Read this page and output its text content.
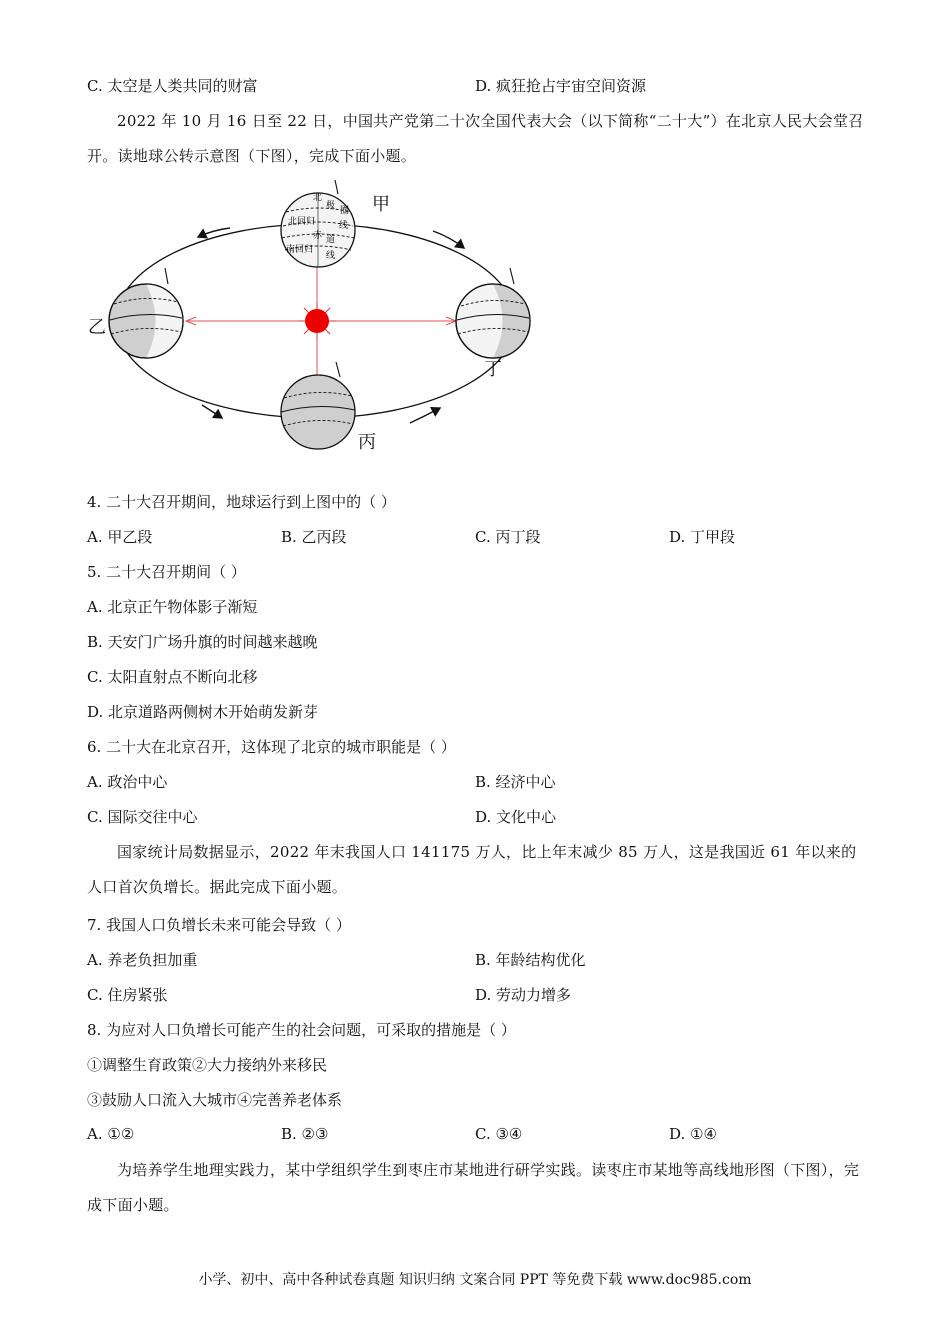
C. 太空是人类共同的财富	D. 疯狂抢占宇宙空间资源
2022 年 10 月 16 日至 22 日，中国共产党第二十次全国代表大会（以下简称“二十大”）在北京人民大会堂召开。读地球公转示意图（下图），完成下面小题。
北
极 圈
北回归	线
赤 道
南回归
线
甲
乙
丙
丁
4. 二十大召开期间，地球运行到上图中的（ ）
A. 甲乙段	B. 乙丙段	C. 丙丁段	D. 丁甲段
5. 二十大召开期间（ ）
A. 北京正午物体影子渐短
B. 天安门广场升旗的时间越来越晚
C. 太阳直射点不断向北移
D. 北京道路两侧树木开始萌发新芽
6. 二十大在北京召开，这体现了北京的城市职能是（ ）
A. 政治中心	B. 经济中心
C. 国际交往中心	D. 文化中心
国家统计局数据显示，2022 年末我国人口 141175 万人，比上年末减少 85 万人，这是我国近 61 年以来的人口首次负增长。据此完成下面小题。
7. 我国人口负增长未来可能会导致（ ）
A. 养老负担加重	B. 年龄结构优化
C. 住房紧张	D. 劳动力增多
8. 为应对人口负增长可能产生的社会问题，可采取的措施是（ ）
①调整生育政策②大力接纳外来移民
③鼓励人口流入大城市④完善养老体系
A. ①②	B. ②③	C. ③④	D. ①④
为培养学生地理实践力，某中学组织学生到枣庄市某地进行研学实践。读枣庄市某地等高线地形图（下图），完成下面小题。
小学、初中、高中各种试卷真题 知识归纳 文案合同 PPT 等免费下载 www.doc985.com
